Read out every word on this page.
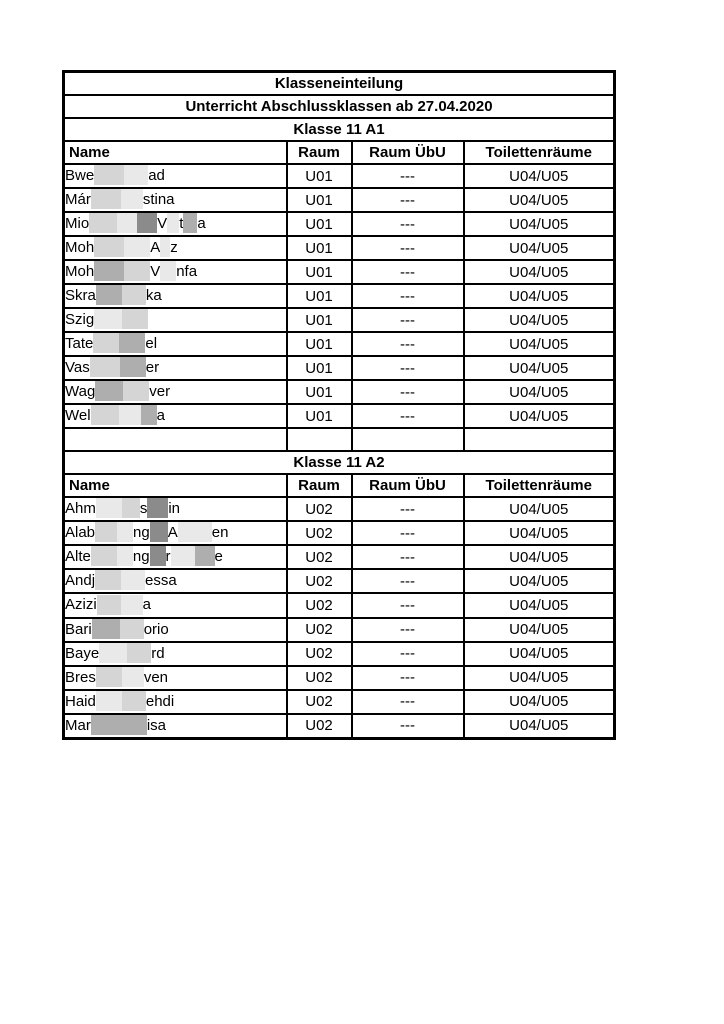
Klasseneinteilung			
Unterricht Abschlussklassen ab 27.04.2020			
Klasse 11 A1			
Name	Raum	Raum ÜbU	Toilettenräume
Bwe ad	U01	---	U04/U05
Már stina	U01	---	U04/U05
Mio V t a	U01	---	U04/U05
Moh A z	U01	---	U04/U05
Moh V nfa	U01	---	U04/U05
Skra ka	U01	---	U04/U05
Szig	U01	---	U04/U05
Tate el	U01	---	U04/U05
Vas er	U01	---	U04/U05
Wag ver	U01	---	U04/U05
Wel a	U01	---	U04/U05

Klasse 11 A2			
Name	Raum	Raum ÜbU	Toilettenräume
Ahm s in	U02	---	U04/U05
Alab ng A en	U02	---	U04/U05
Alte ng r e	U02	---	U04/U05
Andj essa	U02	---	U04/U05
Azizi a	U02	---	U04/U05
Bari orio	U02	---	U04/U05
Baye rd	U02	---	U04/U05
Bres ven	U02	---	U04/U05
Haid ehdi	U02	---	U04/U05
Mar isa	U02	---	U04/U05
